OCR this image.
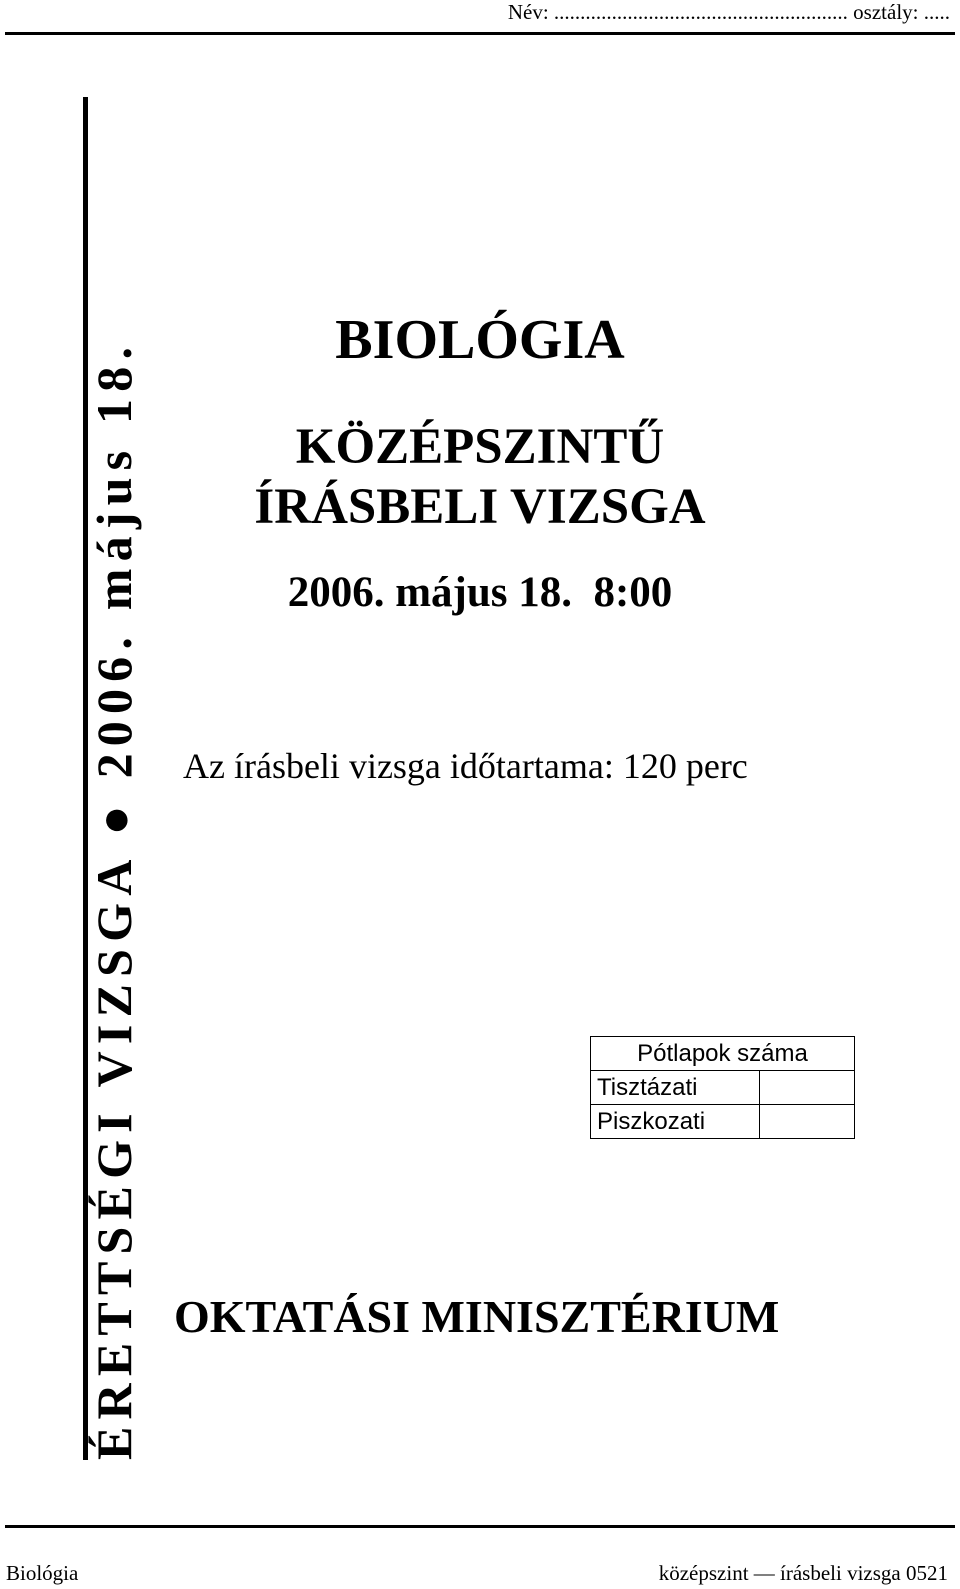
Név: ........................................................ osztály: .....
ÉRETTSÉGI VIZSGA ● 2006. május 18.	BIOLÓGIA
KÖZÉPSZINTŰ
ÍRÁSBELI VIZSGA
2006. május 18.  8:00
Az írásbeli vizsga időtartama: 120 perc
Pótlapok száma	
Tisztázati	
Piszkozati	
OKTATÁSI MINISZTÉRIUM
Biológia	középszint — írásbeli vizsga 0521
